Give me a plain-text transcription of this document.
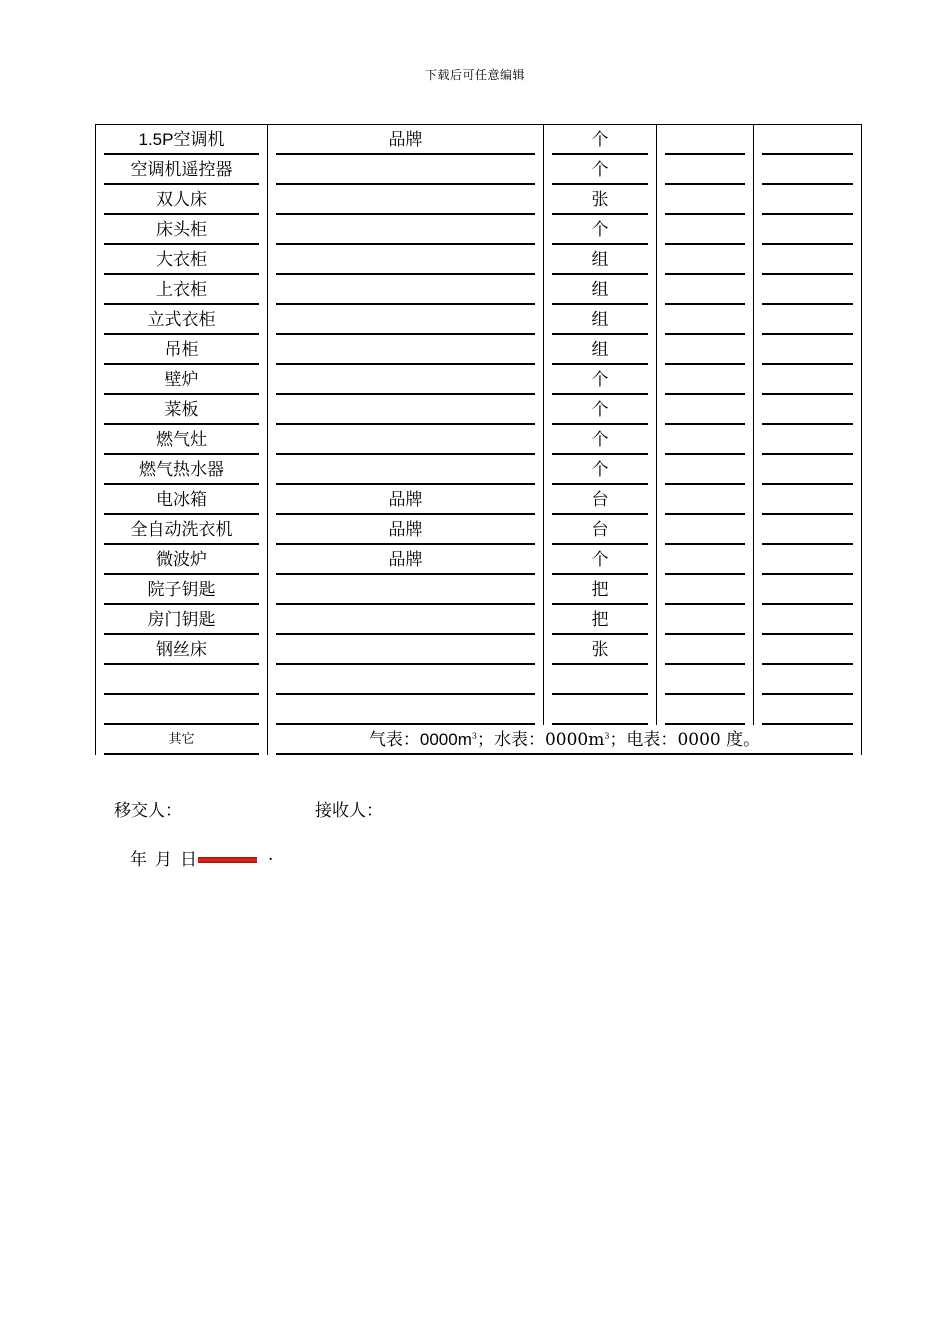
下载后可任意编辑
1.5P空调机	品牌	个		

空调机遥控器		个		

双人床		张		

床头柜		个		

大衣柜		组		

上衣柜		组		

立式衣柜		组		

吊柜		组		

壁炉		个		

菜板		个		

燃气灶		个		

燃气热水器		个		

电冰箱	品牌	台		

全自动洗衣机	品牌	台		

微波炉	品牌	个		

院子钥匙		把		

房门钥匙		把		

钢丝床		张		

其它	气表：$0000m^3$；水表：$0000m^3$；电表：0000 度。			
移交人：	接收人：
年 月 日	.
